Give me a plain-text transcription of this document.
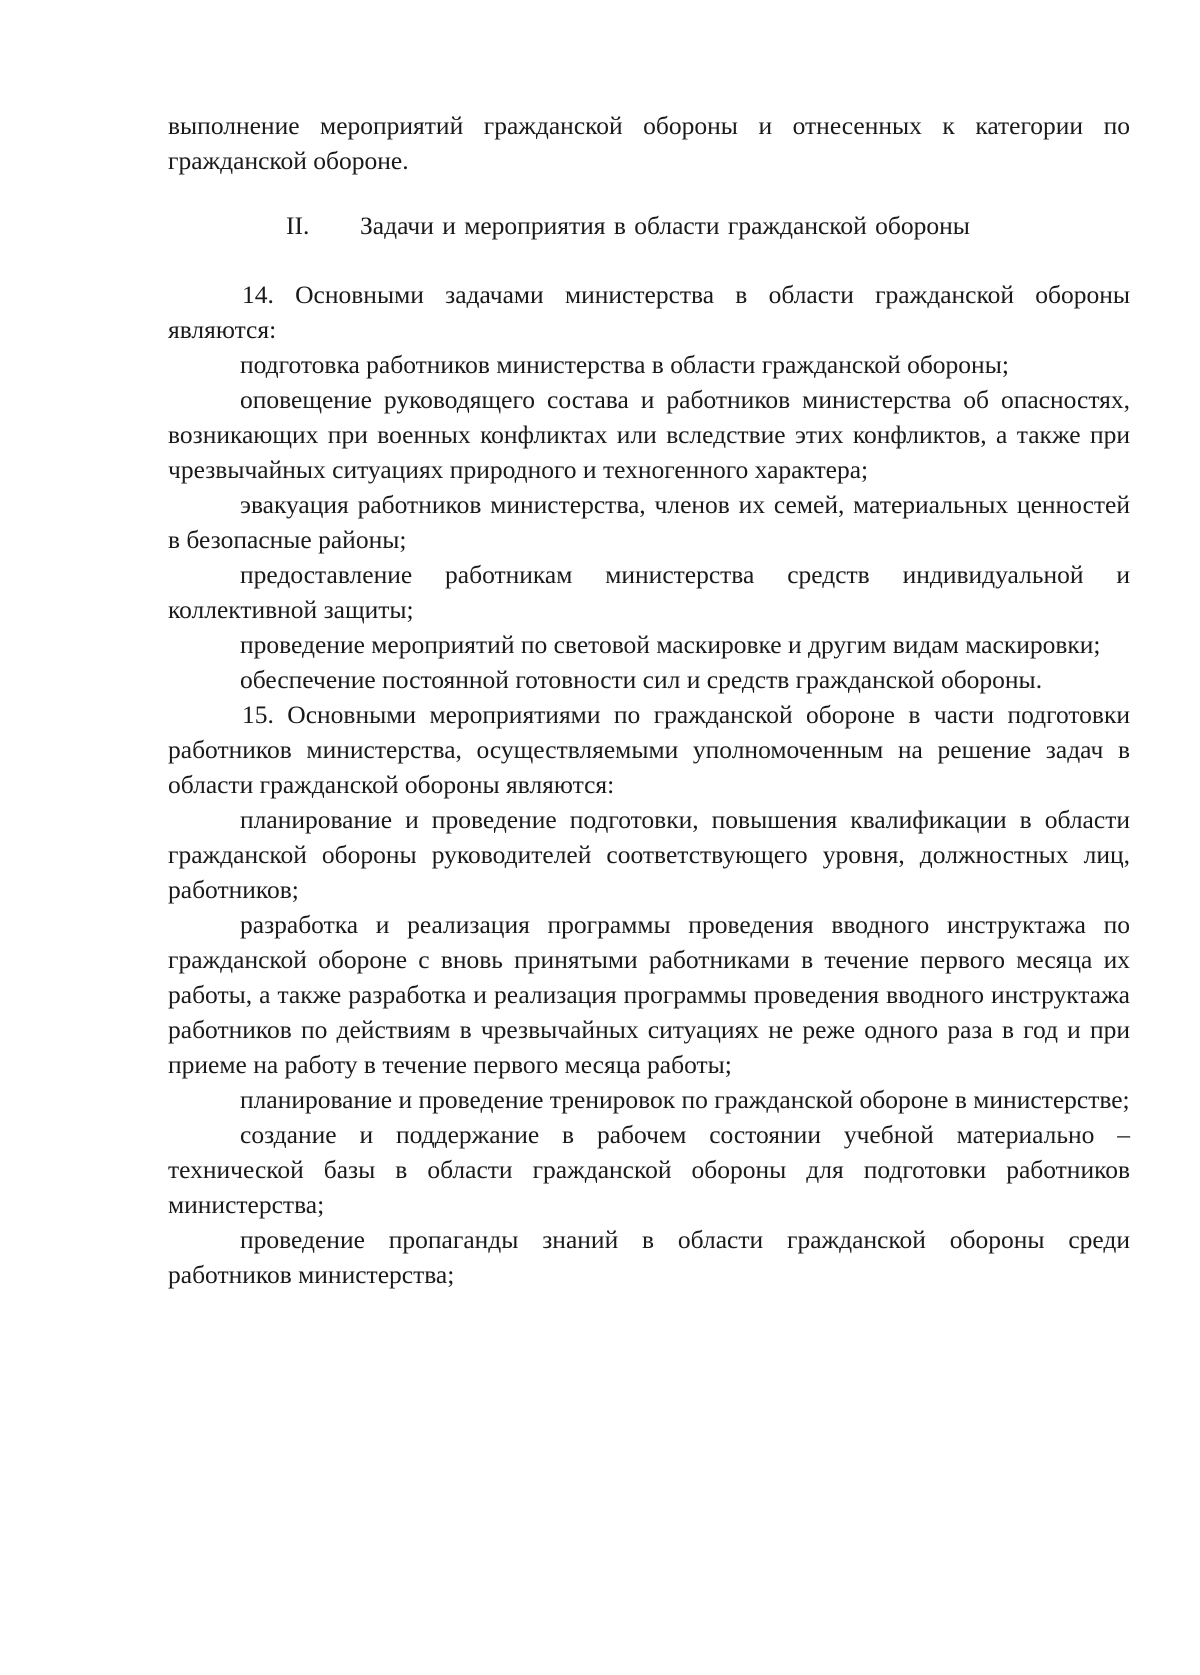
выполнение мероприятий гражданской обороны и отнесенных к категории по гражданской обороне.

II. Задачи и мероприятия в области гражданской обороны

14. Основными задачами министерства в области гражданской обороны являются:

подготовка работников министерства в области гражданской обороны;

оповещение руководящего состава и работников министерства об опасностях, возникающих при военных конфликтах или вследствие этих конфликтов, а также при чрезвычайных ситуациях природного и техногенного характера;

эвакуация работников министерства, членов их семей, материальных ценностей в безопасные районы;

предоставление работникам министерства средств индивидуальной и коллективной защиты;

проведение мероприятий по световой маскировке и другим видам маскировки;

обеспечение постоянной готовности сил и средств гражданской обороны.

15. Основными мероприятиями по гражданской обороне в части подготовки работников министерства, осуществляемыми уполномоченным на решение задач в области гражданской обороны являются:

планирование и проведение подготовки, повышения квалификации в области гражданской обороны руководителей соответствующего уровня, должностных лиц, работников;

разработка и реализация программы проведения вводного инструктажа по гражданской обороне с вновь принятыми работниками в течение первого месяца их работы, а также разработка и реализация программы проведения вводного инструктажа работников по действиям в чрезвычайных ситуациях не реже одного раза в год и при приеме на работу в течение первого месяца работы;

планирование и проведение тренировок по гражданской обороне в министерстве;

создание и поддержание в рабочем состоянии учебной материально – технической базы в области гражданской обороны для подготовки работников министерства;

проведение пропаганды знаний в области гражданской обороны среди работников министерства;
